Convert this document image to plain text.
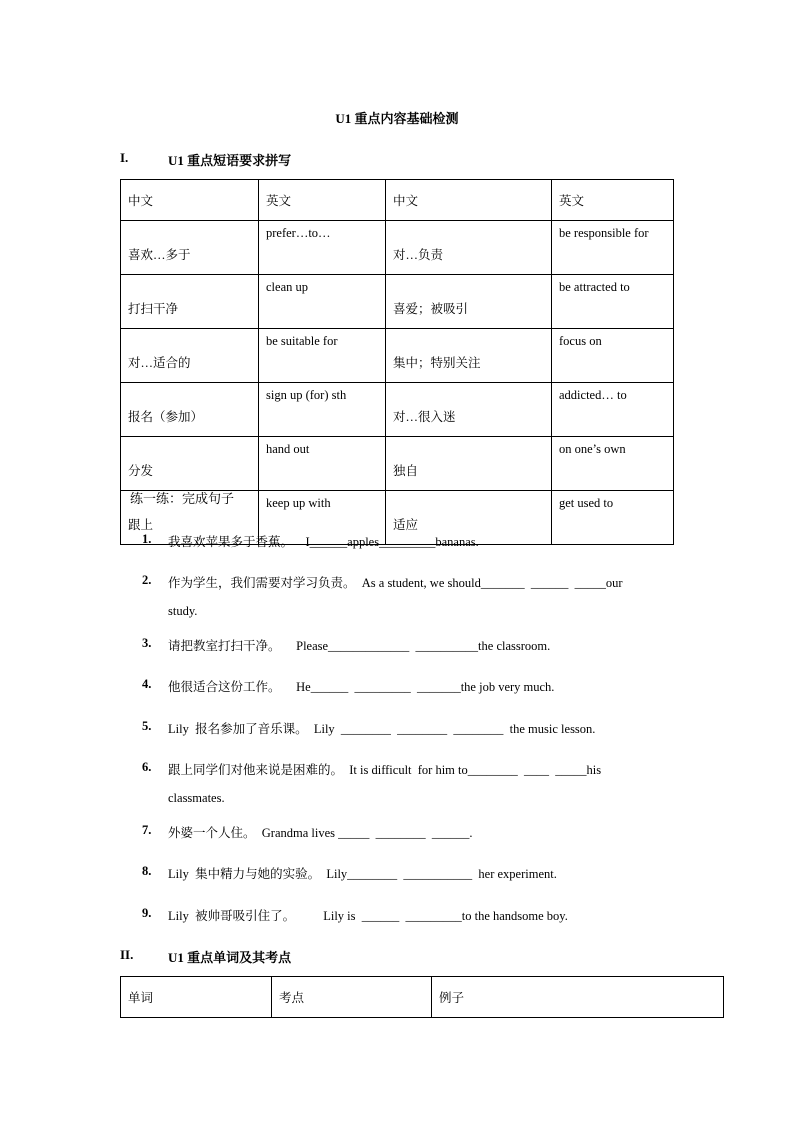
U1 重点内容基础检测
I.	U1 重点短语要求拼写
中文	英文	中文	英文
喜欢…多于	prefer…to…	对…负责	be responsible for
打扫干净	clean up	喜爱；被吸引	be attracted to
对…适合的	be suitable for	集中；特别关注	focus on
报名（参加）	sign up (for) sth	对…很入迷	addicted… to
分发	hand out	独自	on one’s own
跟上	keep up with	适应	get used to
练一练：完成句子
1.	我喜欢苹果多于香蕉。    I______apples_________bananas.
2.	作为学生，我们需要对学习负责。  As a student, we should_______  ______  _____our
study.
3.	请把教室打扫干净。     Please_____________  __________the classroom.
4.	他很适合这份工作。     He______  _________  _______the job very much.
5.	Lily  报名参加了音乐课。  Lily  ________  ________  ________  the music lesson.
6.	跟上同学们对他来说是困难的。  It is difficult  for him to________  ____  _____his
classmates.
7.	外婆一个人住。  Grandma lives _____  ________  ______.
8.	Lily  集中精力与她的实验。  Lily________  ___________  her experiment.
9.	Lily  被帅哥吸引住了。         Lily is  ______  _________to the handsome boy.
II.	U1 重点单词及其考点
单词	考点	例子
